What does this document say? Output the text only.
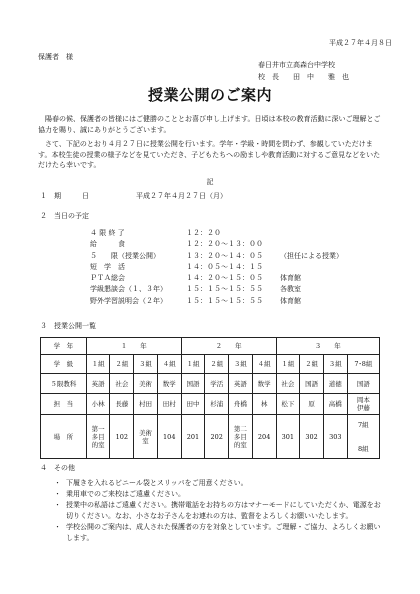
平成２７年４月８日
保護者　様
春日井市立高森台中学校
校　長　　田　中　　雅　也
授業公開のご案内
　陽春の候、保護者の皆様にはご健勝のこととお喜び申し上げます。日頃は本校の教育活動に深いご理解とご協力を賜り、誠にありがとうございます。
　さて、下記のとおり４月２７日に授業公開を行います。学年・学級・時間を問わず、参観していただけます。本校生徒の授業の様子などを見ていただき、子どもたちへの励ましや教育活動に対するご意見などをいただけたら幸いです。
記
１　期　　　日	平成２７年４月２７日（月）
２　当日の予定
４ 限 終 了	１２：２０
給　　　食	１２：２０～１３：００
５　　限（授業公開）	１３：２０～１４：０５ （担任による授業）
短　学　活	１４：０５～１４：１５
ＰＴＡ総会	１４：２０～１５：０５ 体育館
学級懇談会（１、３年）	１５：１５～１５：５５ 各教室
野外学習説明会（２年）	１５：１５～１５：５５ 体育館
３　授業公開一覧
学　年	１　　年				２　　年				３　　年			
学　級	１組	２組	３組	４組	１組	２組	３組	４組	１組	２組	３組	7･8組
５限教科	英語	社会	美術	数学	国語	学活	英語	数学	社会	国語	道徳	国語
担　当	小林	長藤	村田	田村	田中	杉浦	舟橋	林	松下	原	高橋	岡本
伊藤
場　所	第一
多目
的室	102	美術
室	104	201	202	第二
多目
的室	204	301	302	303	7組

8組
４　その他
・ 下履きを入れるビニール袋とスリッパをご用意ください。
・ 乗用車でのご来校はご遠慮ください。
・ 授業中の私語はご遠慮ください。携帯電話をお持ちの方はマナーモードにしていただくか、電源をお切りください。なお、小さなお子さんをお連れの方は、監督をよろしくお願いいたします。
・ 学校公開のご案内は、成人された保護者の方を対象としています。ご理解・ご協力、よろしくお願いします。
